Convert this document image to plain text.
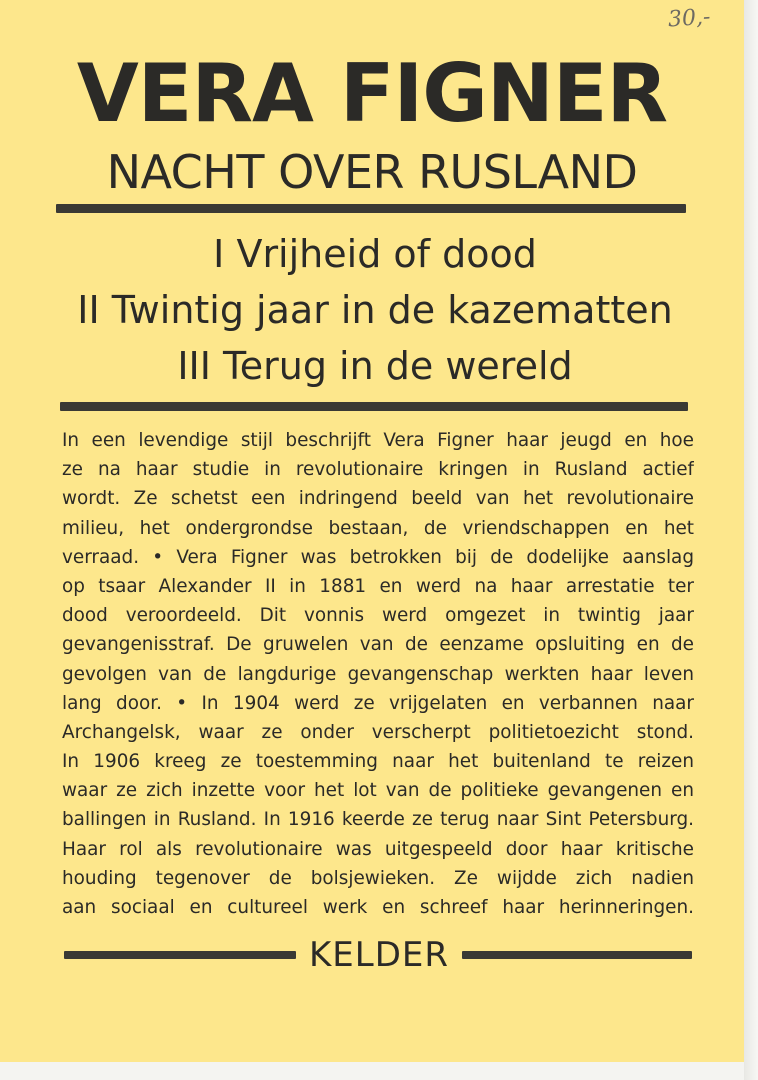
30,-
VERA FIGNER
NACHT OVER RUSLAND
I Vrijheid of dood
II Twintig jaar in de kazematten
III Terug in de wereld
In een levendige stijl beschrijft Vera Figner haar jeugd en hoe
ze na haar studie in revolutionaire kringen in Rusland actief
wordt. Ze schetst een indringend beeld van het revolutionaire
milieu, het ondergrondse bestaan, de vriendschappen en het
verraad. • Vera Figner was betrokken bij de dodelijke aanslag
op tsaar Alexander II in 1881 en werd na haar arrestatie ter
dood veroordeeld. Dit vonnis werd omgezet in twintig jaar
gevangenisstraf. De gruwelen van de eenzame opsluiting en de
gevolgen van de langdurige gevangenschap werkten haar leven
lang door. • In 1904 werd ze vrijgelaten en verbannen naar
Archangelsk, waar ze onder verscherpt politietoezicht stond.
In 1906 kreeg ze toestemming naar het buitenland te reizen
waar ze zich inzette voor het lot van de politieke gevangenen en
ballingen in Rusland. In 1916 keerde ze terug naar Sint Petersburg.
Haar rol als revolutionaire was uitgespeeld door haar kritische
houding tegenover de bolsjewieken. Ze wijdde zich nadien
aan sociaal en cultureel werk en schreef haar herinneringen.
KELDER
